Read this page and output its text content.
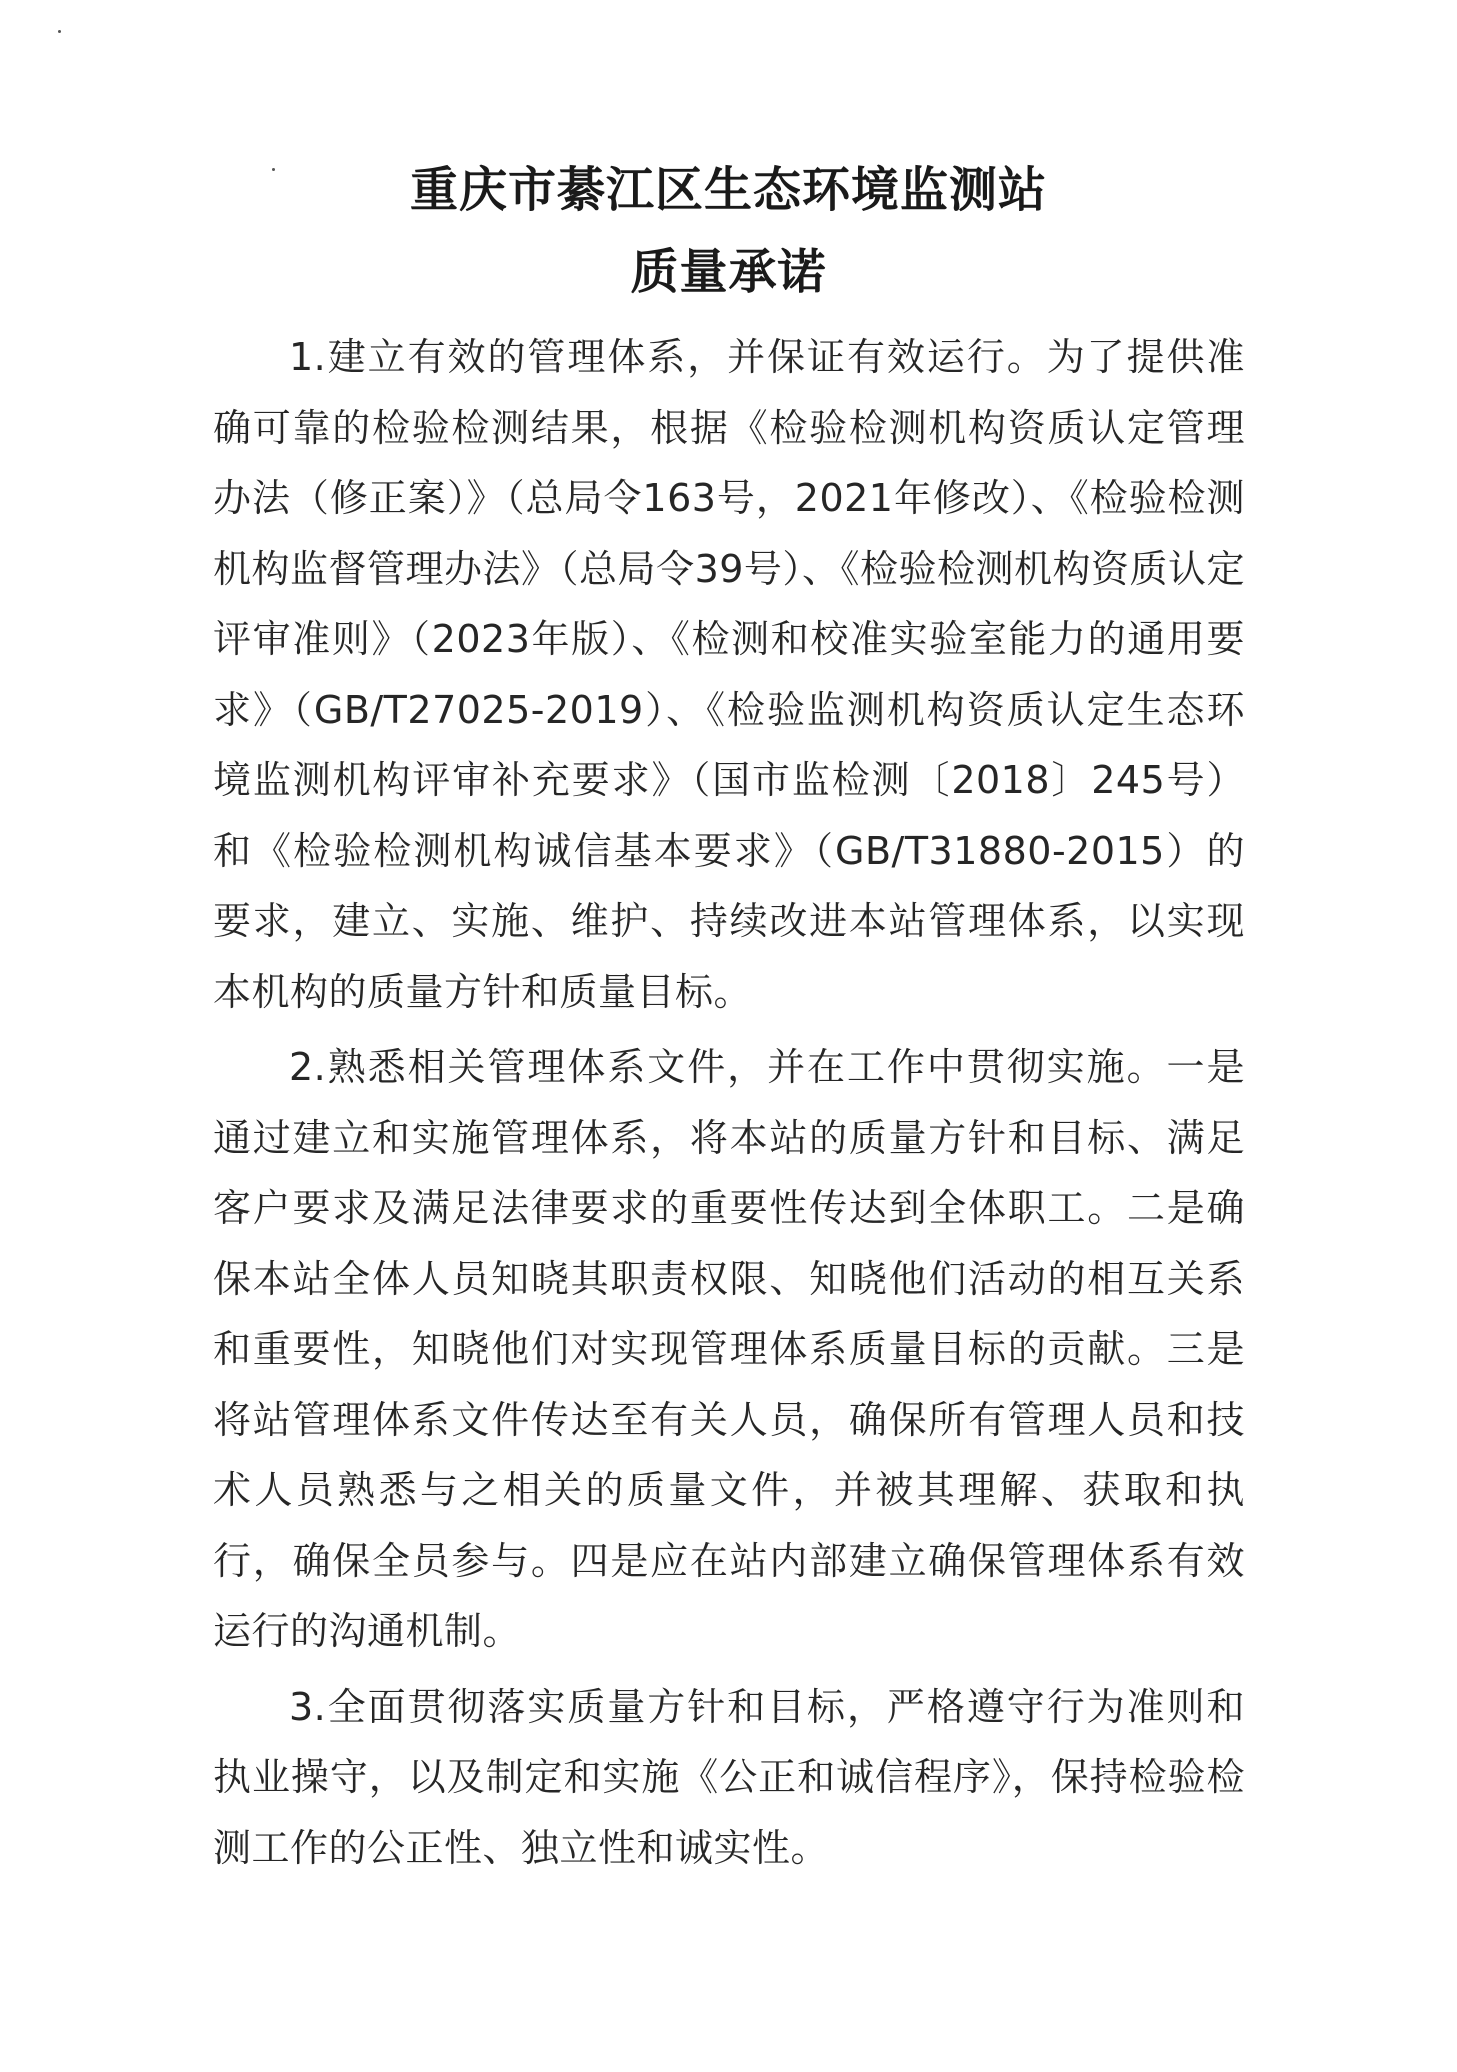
重庆市綦江区生态环境监测站
质量承诺

1.建立有效的管理体系，并保证有效运行。为了提供准确可靠的检验检测结果，根据《检验检测机构资质认定管理办法（修正案）》（总局令163号，2021年修改）、《检验检测机构监督管理办法》（总局令39号）、《检验检测机构资质认定评审准则》（2023年版）、《检测和校准实验室能力的通用要求》（GB/T27025-2019）、《检验监测机构资质认定生态环境监测机构评审补充要求》（国市监检测〔2018〕245号）和《检验检测机构诚信基本要求》（GB/T31880-2015）的要求，建立、实施、维护、持续改进本站管理体系，以实现本机构的质量方针和质量目标。

2.熟悉相关管理体系文件，并在工作中贯彻实施。一是通过建立和实施管理体系，将本站的质量方针和目标、满足客户要求及满足法律要求的重要性传达到全体职工。二是确保本站全体人员知晓其职责权限、知晓他们活动的相互关系和重要性，知晓他们对实现管理体系质量目标的贡献。三是将站管理体系文件传达至有关人员，确保所有管理人员和技术人员熟悉与之相关的质量文件，并被其理解、获取和执行，确保全员参与。四是应在站内部建立确保管理体系有效运行的沟通机制。

3.全面贯彻落实质量方针和目标，严格遵守行为准则和执业操守，以及制定和实施《公正和诚信程序》，保持检验检测工作的公正性、独立性和诚实性。
